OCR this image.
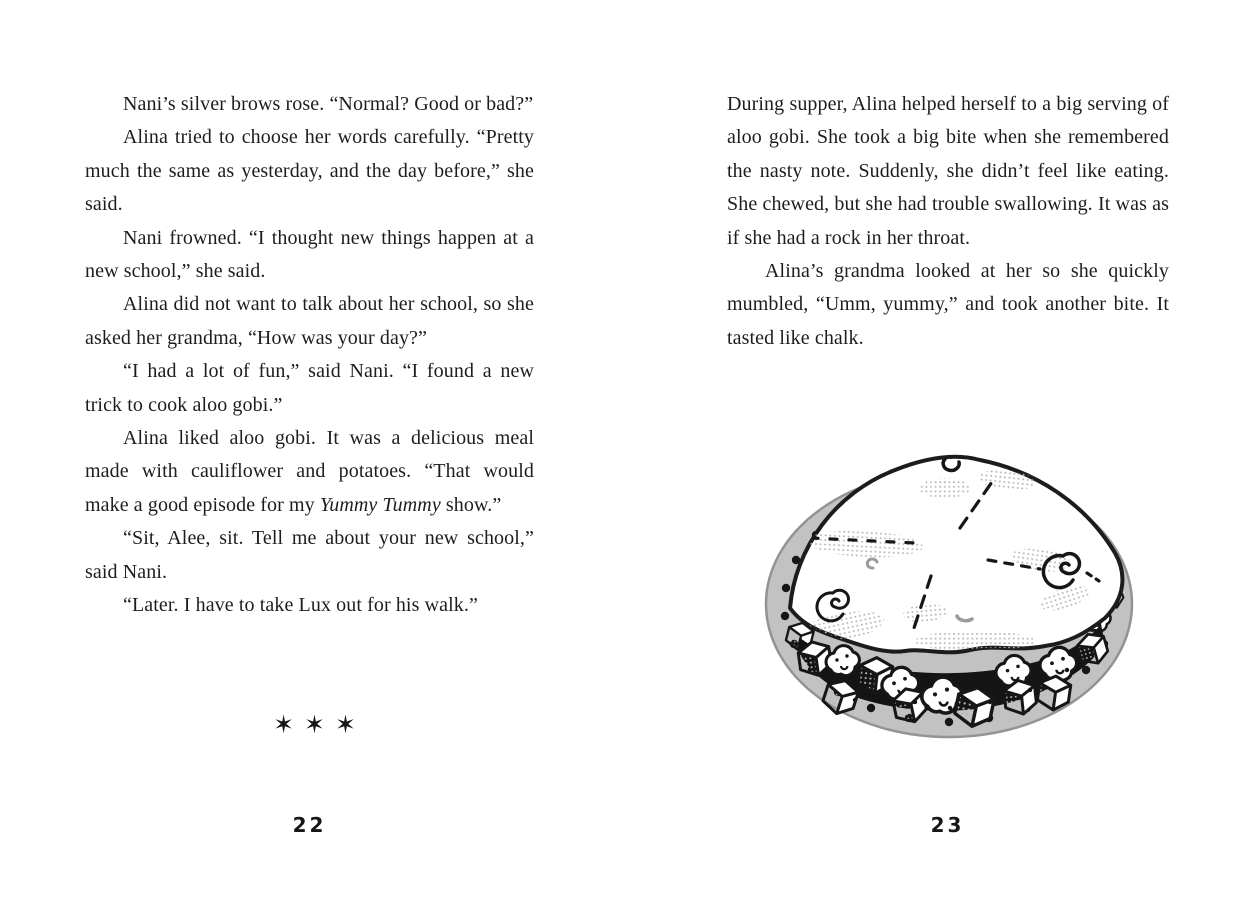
Nani’s silver brows rose. “Normal? Good or bad?”

Alina tried to choose her words carefully. “Pretty much the same as yesterday, and the day before,” she said.

Nani frowned. “I thought new things happen at a new school,” she said.

Alina did not want to talk about her school, so she asked her grandma, “How was your day?”

“I had a lot of fun,” said Nani. “I found a new trick to cook aloo gobi.”

Alina liked aloo gobi. It was a delicious meal made with cauliflower and potatoes. “That would make a good episode for my Yummy Tummy show.”

“Sit, Alee, sit. Tell me about your new school,” said Nani.

“Later. I have to take Lux out for his walk.”

✶✶✶
22

During supper, Alina helped herself to a big serving of aloo gobi. She took a big bite when she remembered the nasty note. Suddenly, she didn’t feel like eating. She chewed, but she had trouble swallowing. It was as if she had a rock in her throat.

Alina’s grandma looked at her so she quickly mumbled, “Umm, yummy,” and took another bite. It tasted like chalk.

23
